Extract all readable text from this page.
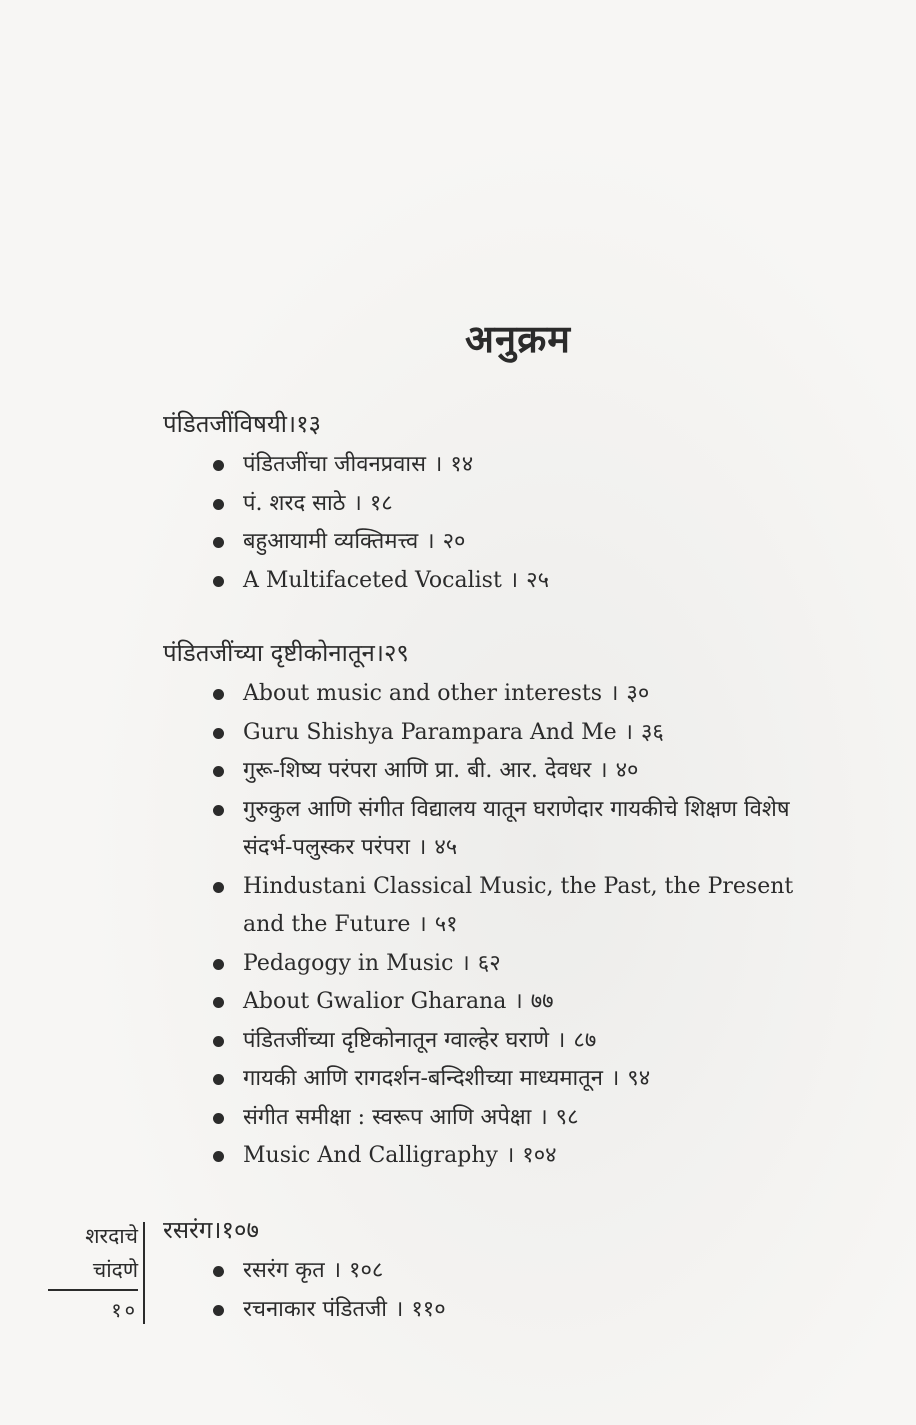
अनुक्रम
पंडितजींविषयी।१३
पंडितजींचा जीवनप्रवास । १४
पं. शरद साठे । १८
बहुआयामी व्यक्तिमत्त्व । २०
A Multifaceted Vocalist । २५
पंडितजींच्या दृष्टीकोनातून।२९
About music and other interests । ३०
Guru Shishya Parampara And Me । ३६
गुरू-शिष्य परंपरा आणि प्रा. बी. आर. देवधर । ४०
गुरुकुल आणि संगीत विद्यालय यातून घराणेदार गायकीचे शिक्षण विशेष संदर्भ-पलुस्कर परंपरा । ४५
Hindustani Classical Music, the Past, the Present and the Future । ५१
Pedagogy in Music । ६२
About Gwalior Gharana । ७७
पंडितजींच्या दृष्टिकोनातून ग्वाल्हेर घराणे । ८७
गायकी आणि रागदर्शन-बन्दिशीच्या माध्यमातून । ९४
संगीत समीक्षा : स्वरूप आणि अपेक्षा । ९८
Music And Calligraphy । १०४
रसरंग।१०७
रसरंग कृत । १०८
रचनाकार पंडितजी । ११०
शरदाचे
चांदणे
१०
